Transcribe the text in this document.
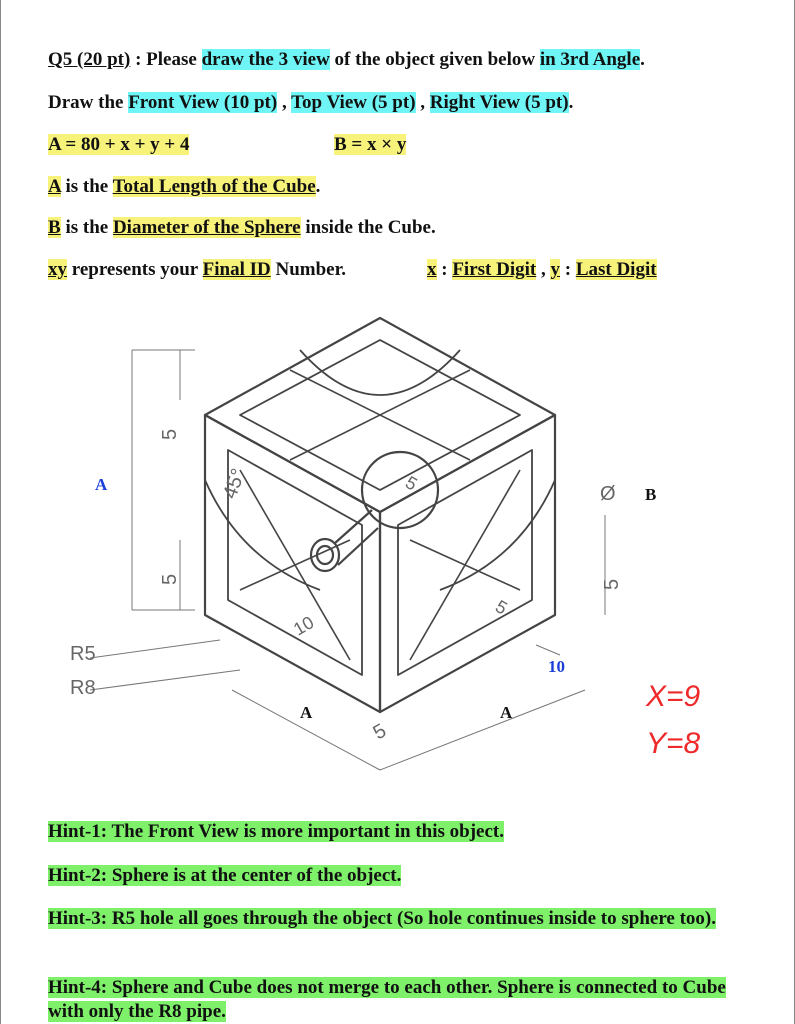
Q5 (20 pt) : Please draw the 3 view of the object given below in 3rd Angle.
Draw the Front View (10 pt) , Top View (5 pt) , Right View (5 pt).
A = 80 + x + y + 4	B = x × y
A is the Total Length of the Cube.
B is the Diameter of the Sphere inside the Cube.
xy represents your Final ID Number.	x : First Digit , y : Last Digit
A
B
Ø
A	A
10
R5
R8
5
5
45°
10
5
5
5
5
X=9
Y=8
Hint-1: The Front View is more important in this object.
Hint-2: Sphere is at the center of the object.
Hint-3: R5 hole all goes through the object (So hole continues inside to sphere too).
Hint-4: Sphere and Cube does not merge to each other. Sphere is connected to Cube with only the R8 pipe.
